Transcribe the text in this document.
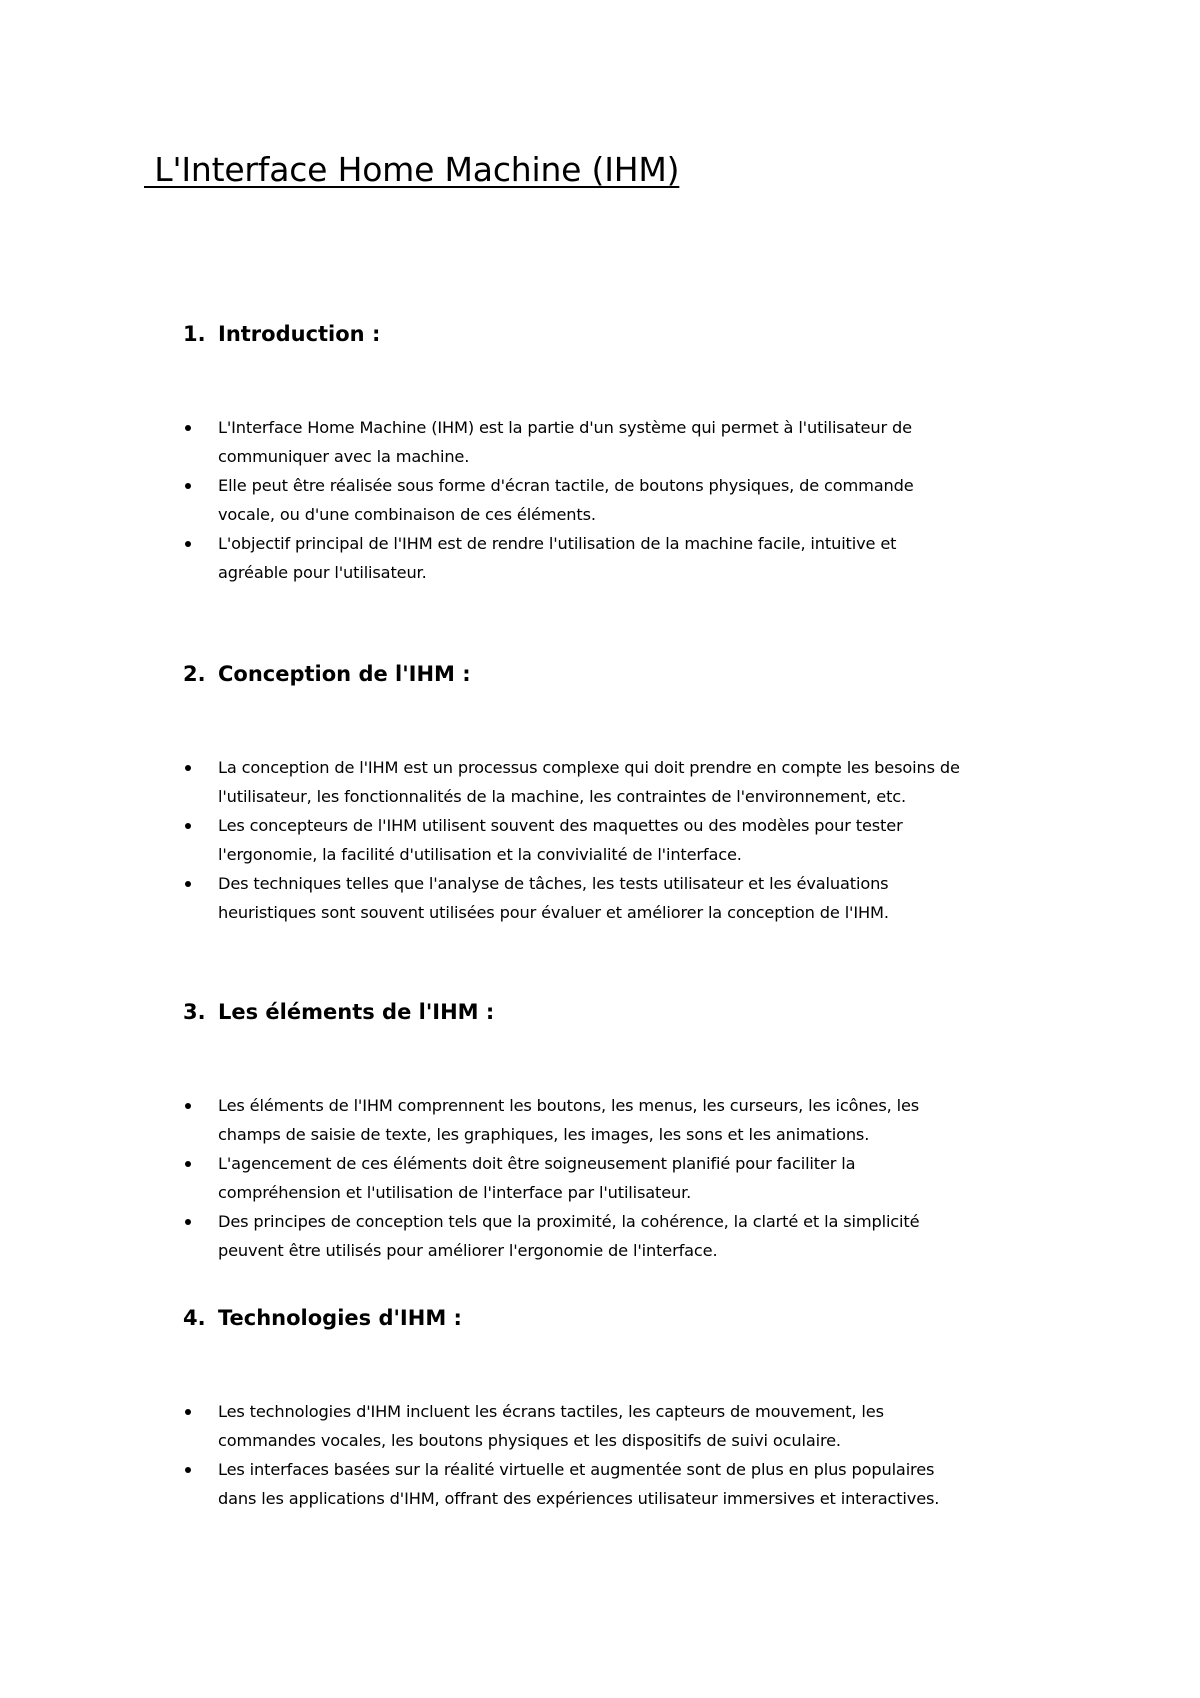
L'Interface Home Machine (IHM)
1. Introduction :
L'Interface Home Machine (IHM) est la partie d'un système qui permet à l'utilisateur de
communiquer avec la machine.
Elle peut être réalisée sous forme d'écran tactile, de boutons physiques, de commande
vocale, ou d'une combinaison de ces éléments.
L'objectif principal de l'IHM est de rendre l'utilisation de la machine facile, intuitive et
agréable pour l'utilisateur.
2. Conception de l'IHM :
La conception de l'IHM est un processus complexe qui doit prendre en compte les besoins de
l'utilisateur, les fonctionnalités de la machine, les contraintes de l'environnement, etc.
Les concepteurs de l'IHM utilisent souvent des maquettes ou des modèles pour tester
l'ergonomie, la facilité d'utilisation et la convivialité de l'interface.
Des techniques telles que l'analyse de tâches, les tests utilisateur et les évaluations
heuristiques sont souvent utilisées pour évaluer et améliorer la conception de l'IHM.
3. Les éléments de l'IHM :
Les éléments de l'IHM comprennent les boutons, les menus, les curseurs, les icônes, les
champs de saisie de texte, les graphiques, les images, les sons et les animations.
L'agencement de ces éléments doit être soigneusement planifié pour faciliter la
compréhension et l'utilisation de l'interface par l'utilisateur.
Des principes de conception tels que la proximité, la cohérence, la clarté et la simplicité
peuvent être utilisés pour améliorer l'ergonomie de l'interface.
4. Technologies d'IHM :
Les technologies d'IHM incluent les écrans tactiles, les capteurs de mouvement, les
commandes vocales, les boutons physiques et les dispositifs de suivi oculaire.
Les interfaces basées sur la réalité virtuelle et augmentée sont de plus en plus populaires
dans les applications d'IHM, offrant des expériences utilisateur immersives et interactives.
